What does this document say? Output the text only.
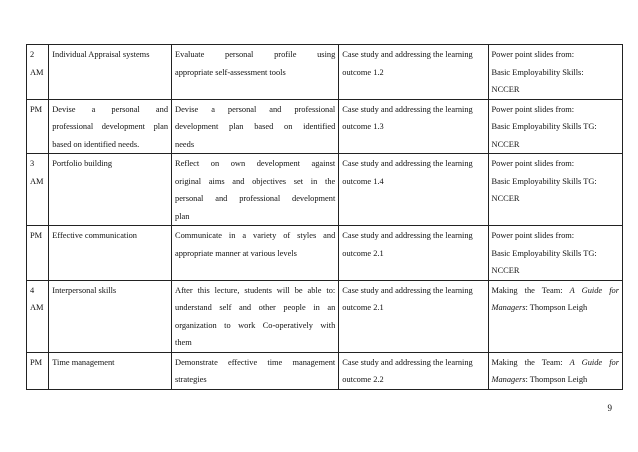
2
AM	Individual Appraisal systems	Evaluate personal profile using
appropriate self-assessment tools	Case study and addressing the learning
outcome 1.2	Power point slides from:
Basic Employability Skills:
NCCER

PM	Devise a personal and
professional development plan
based on identified needs.	Devise a personal and professional
development plan based on identified
needs	Case study and addressing the learning
outcome 1.3	Power point slides from:
Basic Employability Skills TG:
NCCER

3
AM	Portfolio building	Reflect on own development against
original aims and objectives set in the
personal and professional development
plan	Case study and addressing the learning
outcome 1.4	Power point slides from:
Basic Employability Skills TG:
NCCER

PM	Effective communication	Communicate in a variety of styles and
appropriate manner at various levels	Case study and addressing the learning
outcome 2.1	Power point slides from:
Basic Employability Skills TG:
NCCER

4
AM	Interpersonal skills	After this lecture, students will be able to:
understand self and other people in an
organization to work Co-operatively with
them	Case study and addressing the learning
outcome 2.1	Making the Team: A Guide for
Managers: Thompson Leigh

PM	Time management	Demonstrate effective time management
strategies	Case study and addressing the learning
outcome 2.2	Making the Team: A Guide for
Managers: Thompson Leigh
9
